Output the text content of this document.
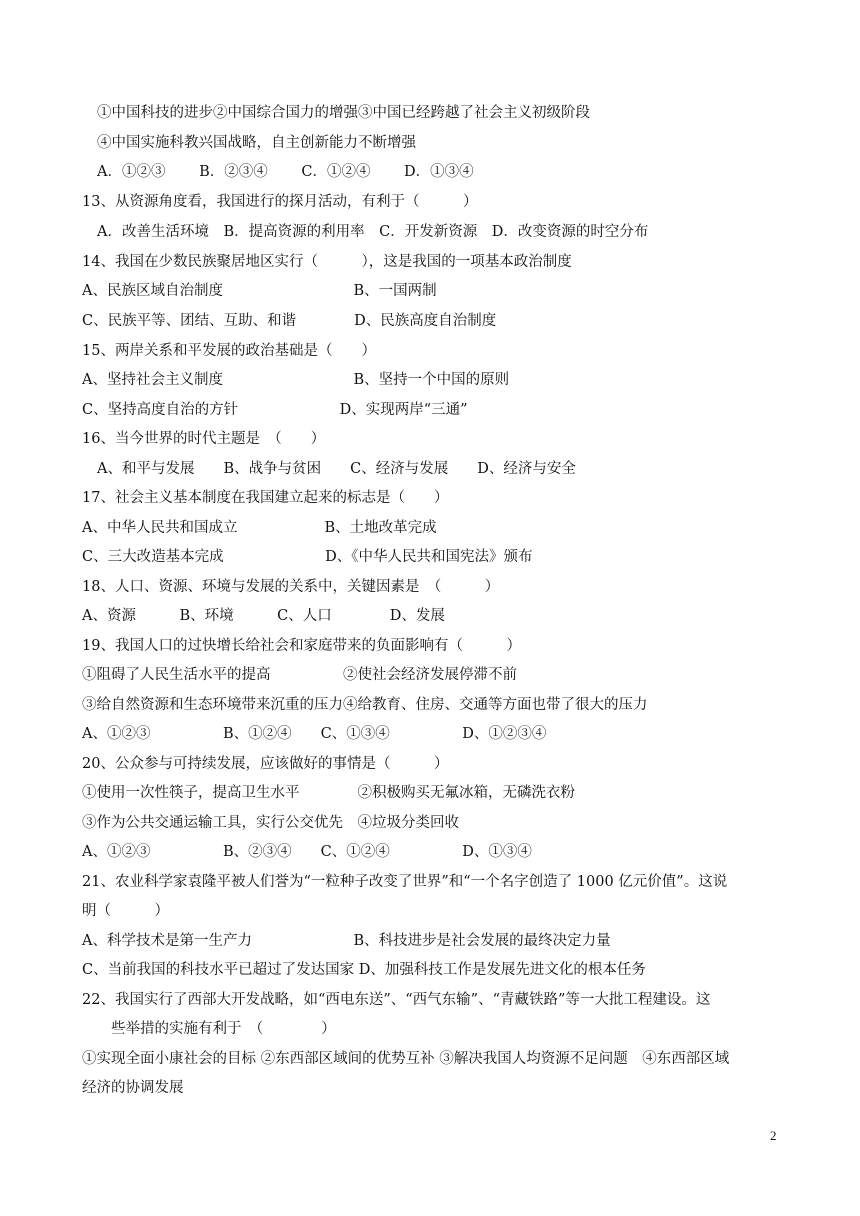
①中国科技的进步②中国综合国力的增强③中国已经跨越了社会主义初级阶段
④中国实施科教兴国战略，自主创新能力不断增强
A．①②③　 　B．②③④　　 C．①②④　　 D．①③④
13、从资源角度看，我国进行的探月活动，有利于（　　　）
A．改善生活环境　B．提高资源的利用率　C．开发新资源　D．改变资源的时空分布
14、我国在少数民族聚居地区实行（　　　），这是我国的一项基本政治制度
A、民族区域自治制度　　　　　　　　　B、一国两制
C、民族平等、团结、互助、和谐　　　　D、民族高度自治制度
15、两岸关系和平发展的政治基础是（　　）
A、坚持社会主义制度　　　　　　　　　B、坚持一个中国的原则
C、坚持高度自治的方针　　　　　　　D、实现两岸“三通”
16、当今世界的时代主题是　（　　）
A、和平与发展　　B、战争与贫困　　C、经济与发展　　D、经济与安全
17、社会主义基本制度在我国建立起来的标志是（　　）
A、中华人民共和国成立　　　　　　B、土地改革完成
C、三大改造基本完成　　　　　　　D、《中华人民共和国宪法》颁布
18、人口、资源、环境与发展的关系中，关键因素是　（　　　）
A、资源　　　B、环境　　　C、人口　　　　D、发展
19、我国人口的过快增长给社会和家庭带来的负面影响有（　　　）
①阻碍了人民生活水平的提高　　　　　②使社会经济发展停滞不前
③给自然资源和生态环境带来沉重的压力④给教育、住房、交通等方面也带了很大的压力
A、①②③　　　　　B、①②④　　C、①③④　　　　　D、①②③④
20、公众参与可持续发展，应该做好的事情是（　　　）
①使用一次性筷子，提高卫生水平　　　　②积极购买无氟冰箱，无磷洗衣粉
③作为公共交通运输工具，实行公交优先　④垃圾分类回收
A、①②③　　　　　B、②③④　　C、①②④　　　　　D、①③④
21、农业科学家袁隆平被人们誉为“一粒种子改变了世界”和“一个名字创造了 1000 亿元价值”。这说
明（　　　）
A、科学技术是第一生产力　　　　　　　B、科技进步是社会发展的最终决定力量
C、当前我国的科技水平已超过了发达国家 D、加强科技工作是发展先进文化的根本任务
22、我国实行了西部大开发战略，如“西电东送”、“西气东输”、“青藏铁路”等一大批工程建设。这
些举措的实施有利于　（　　　　）
①实现全面小康社会的目标 ②东西部区域间的优势互补 ③解决我国人均资源不足问题　④东西部区域
经济的协调发展
2
